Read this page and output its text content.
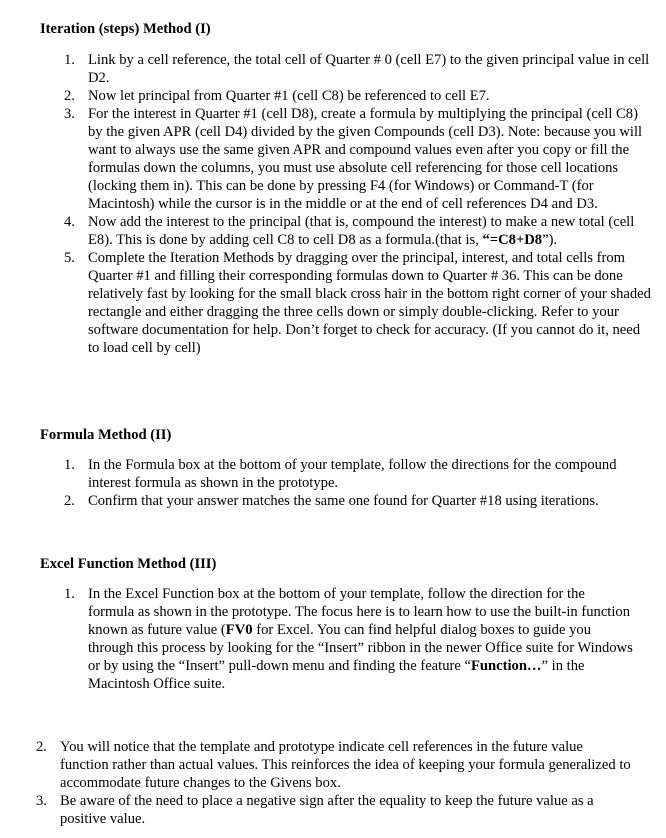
Iteration (steps) Method (I)
1. Link by a cell reference, the total cell of Quarter # 0 (cell E7) to the given principal value in cell D2.
2. Now let principal from Quarter #1 (cell C8) be referenced to cell E7.
3. For the interest in Quarter #1 (cell D8), create a formula by multiplying the principal (cell C8) by the given APR (cell D4) divided by the given Compounds (cell D3). Note: because you will want to always use the same given APR and compound values even after you copy or fill the formulas down the columns, you must use absolute cell referencing for those cell locations (locking them in). This can be done by pressing F4 (for Windows) or Command-T (for Macintosh) while the cursor is in the middle or at the end of cell references D4 and D3.
4. Now add the interest to the principal (that is, compound the interest) to make a new total (cell E8). This is done by adding cell C8 to cell D8 as a formula.(that is, “=C8+D8”).
5. Complete the Iteration Methods by dragging over the principal, interest, and total cells from Quarter #1 and filling their corresponding formulas down to Quarter # 36. This can be done relatively fast by looking for the small black cross hair in the bottom right corner of your shaded rectangle and either dragging the three cells down or simply double-clicking. Refer to your software documentation for help. Don’t forget to check for accuracy. (If you cannot do it, need to load cell by cell)
Formula Method (II)
1. In the Formula box at the bottom of your template, follow the directions for the compound interest formula as shown in the prototype.
2. Confirm that your answer matches the same one found for Quarter #18 using iterations.
Excel Function Method (III)
1. In the Excel Function box at the bottom of your template, follow the direction for the formula as shown in the prototype. The focus here is to learn how to use the built-in function known as future value (FV0 for Excel. You can find helpful dialog boxes to guide you through this process by looking for the “Insert” ribbon in the newer Office suite for Windows or by using the “Insert” pull-down menu and finding the feature “Function…” in the Macintosh Office suite.
2. You will notice that the template and prototype indicate cell references in the future value function rather than actual values. This reinforces the idea of keeping your formula generalized to accommodate future changes to the Givens box.
3. Be aware of the need to place a negative sign after the equality to keep the future value as a positive value.
